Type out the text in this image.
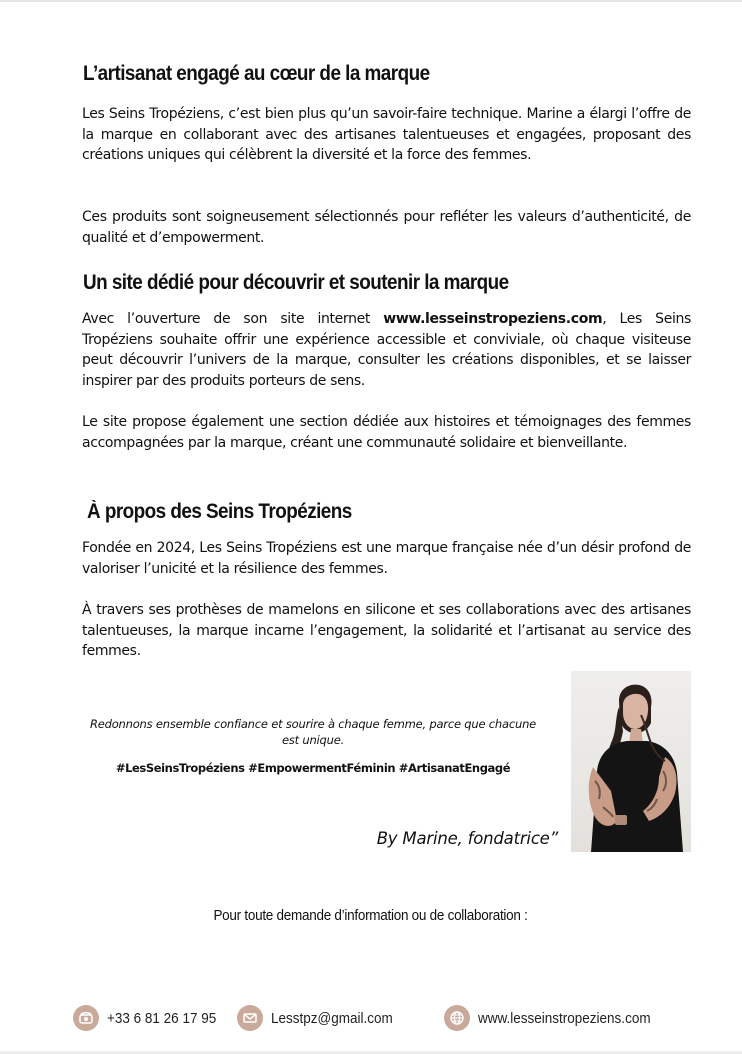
L’artisanat engagé au cœur de la marque

Les Seins Tropéziens, c’est bien plus qu’un savoir-faire technique. Marine a élargi l’offre de la marque en collaborant avec des artisanes talentueuses et engagées, proposant des créations uniques qui célèbrent la diversité et la force des femmes.

Ces produits sont soigneusement sélectionnés pour refléter les valeurs d’authenticité, de qualité et d’empowerment.

Un site dédié pour découvrir et soutenir la marque

Avec l’ouverture de son site internet www.lesseinstropeziens.com, Les Seins Tropéziens souhaite offrir une expérience accessible et conviviale, où chaque visiteuse peut découvrir l’univers de la marque, consulter les créations disponibles, et se laisser inspirer par des produits porteurs de sens.

Le site propose également une section dédiée aux histoires et témoignages des femmes accompagnées par la marque, créant une communauté solidaire et bienveillante.

À propos des Seins Tropéziens

Fondée en 2024, Les Seins Tropéziens est une marque française née d’un désir profond de valoriser l’unicité et la résilience des femmes.

À travers ses prothèses de mamelons en silicone et ses collaborations avec des artisanes talentueuses, la marque incarne l’engagement, la solidarité et l’artisanat au service des femmes.

Redonnons ensemble confiance et sourire à chaque femme, parce que chacune est unique.
#LesSeinsTropéziens #EmpowermentFéminin #ArtisanatEngagé
By Marine, fondatrice”
Pour toute demande d’information ou de collaboration :
+33 6 81 26 17 95	Lesstpz@gmail.com	www.lesseinstropeziens.com
